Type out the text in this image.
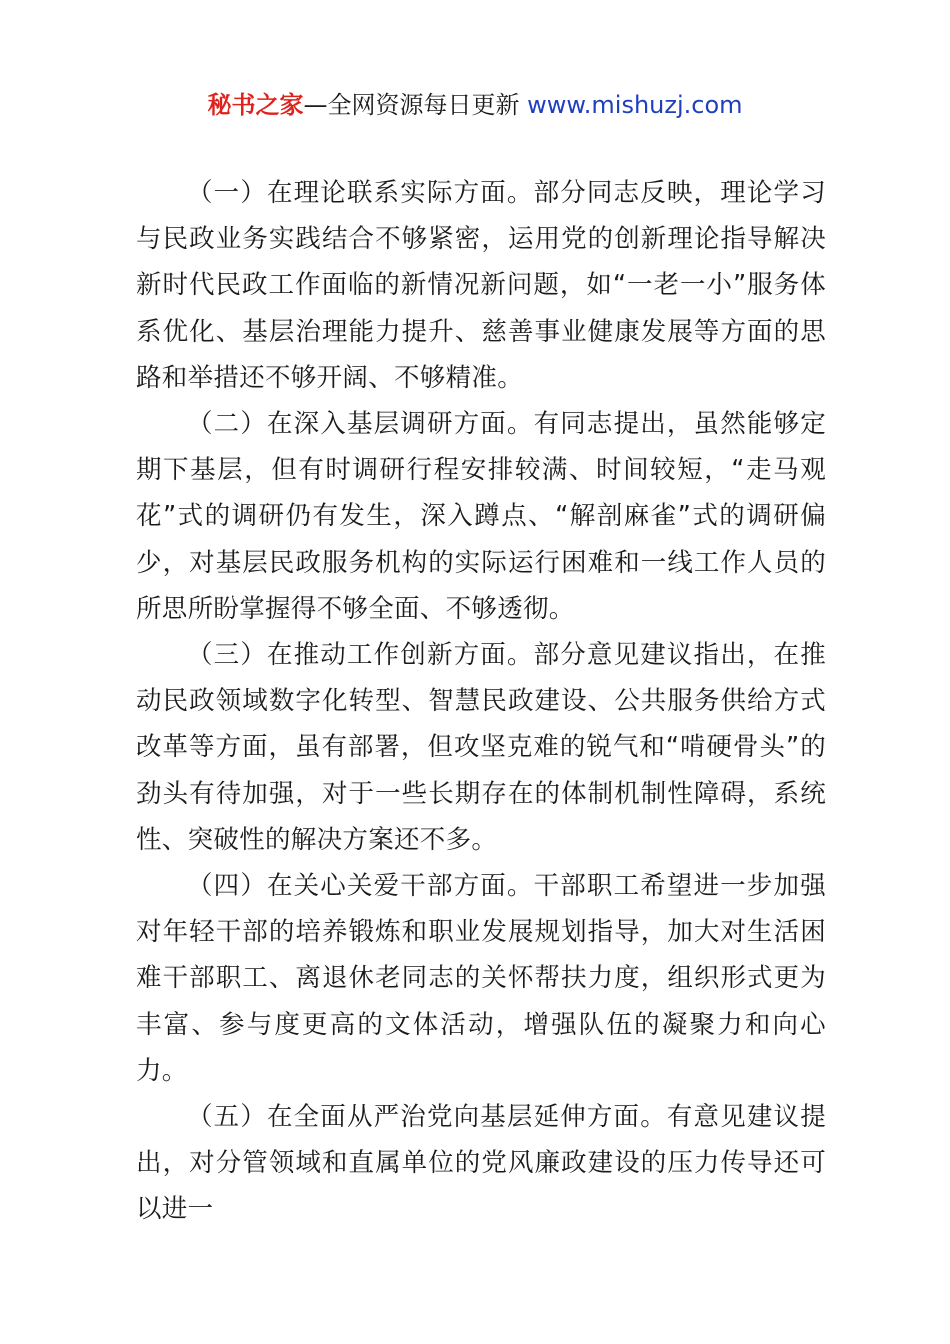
秘书之家—全网资源每日更新 www.mishuzj.com

（一）在理论联系实际方面。部分同志反映，理论学习与民政业务实践结合不够紧密，运用党的创新理论指导解决新时代民政工作面临的新情况新问题，如“一老一小”服务体系优化、基层治理能力提升、慈善事业健康发展等方面的思路和举措还不够开阔、不够精准。

（二）在深入基层调研方面。有同志提出，虽然能够定期下基层，但有时调研行程安排较满、时间较短，“走马观花”式的调研仍有发生，深入蹲点、“解剖麻雀”式的调研偏少，对基层民政服务机构的实际运行困难和一线工作人员的所思所盼掌握得不够全面、不够透彻。

（三）在推动工作创新方面。部分意见建议指出，在推动民政领域数字化转型、智慧民政建设、公共服务供给方式改革等方面，虽有部署，但攻坚克难的锐气和“啃硬骨头”的劲头有待加强，对于一些长期存在的体制机制性障碍，系统性、突破性的解决方案还不多。

（四）在关心关爱干部方面。干部职工希望进一步加强对年轻干部的培养锻炼和职业发展规划指导，加大对生活困难干部职工、离退休老同志的关怀帮扶力度，组织形式更为丰富、参与度更高的文体活动，增强队伍的凝聚力和向心力。

（五）在全面从严治党向基层延伸方面。有意见建议提出，对分管领域和直属单位的党风廉政建设的压力传导还可以进一
